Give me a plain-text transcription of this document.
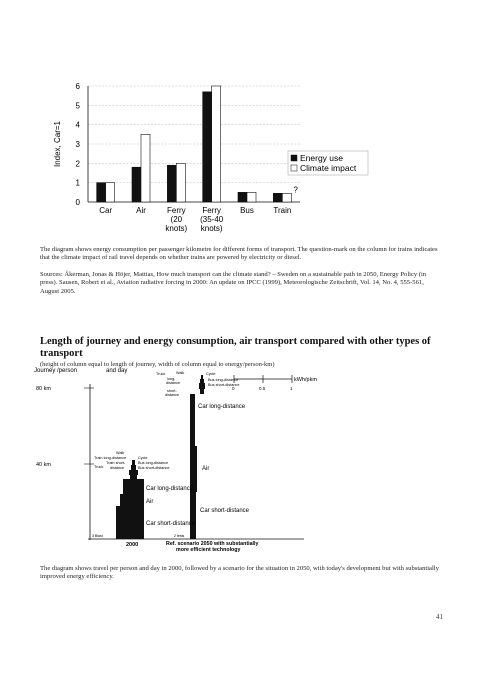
0
1
2
3
4
5
6
Index, Car=1
Car	Air	Ferry
(20
knots)
Ferry
(35-40
knots)
Bus Train
?
Energy use
Climate impact
The diagram shows energy consumption per passenger kilometre for different forms of transport. The question-mark on the column for trains indicates that the climate impact of rail travel depends on whether trains are powered by electricity or diesel.
Sources: Åkerman, Jonas & Höjer, Mattias, How much transport can the climate stand? – Sweden on a sustainable path in 2050, Energy Policy (in press). Sausen, Robert et al., Aviation radiative forcing in 2000: An update on IPCC (1999), Meteorologische Zeitschrift, Vol. 14, No. 4, 555-561, August 2005.
Length of journey and energy consumption, air transport compared with other types of transport
(height of column equal to length of journey, width of column equal to energy/person-km)
Journey /person	and day
80 km
40 km
kWh/pkm
0	0.5	1
Car long-distance
Air
Car short-distance
Walk	Cycle
Truck
long-
distance
short-
distance
Bus long-distance
Bus short-distance
Car long-distance
Air
Car short-distance
Walk
Train long-distance	Cycle
Bus long-distance
Truck
Train short-
distance	Bus short-distance
3 Blast
2000
2 tests
Ref. scenario 2050 with substantially
more efficient technology
The diagram shows travel per person and day in 2000, followed by a scenario for the situation in 2050, with today's development but with substantially improved energy efficiency.
41
